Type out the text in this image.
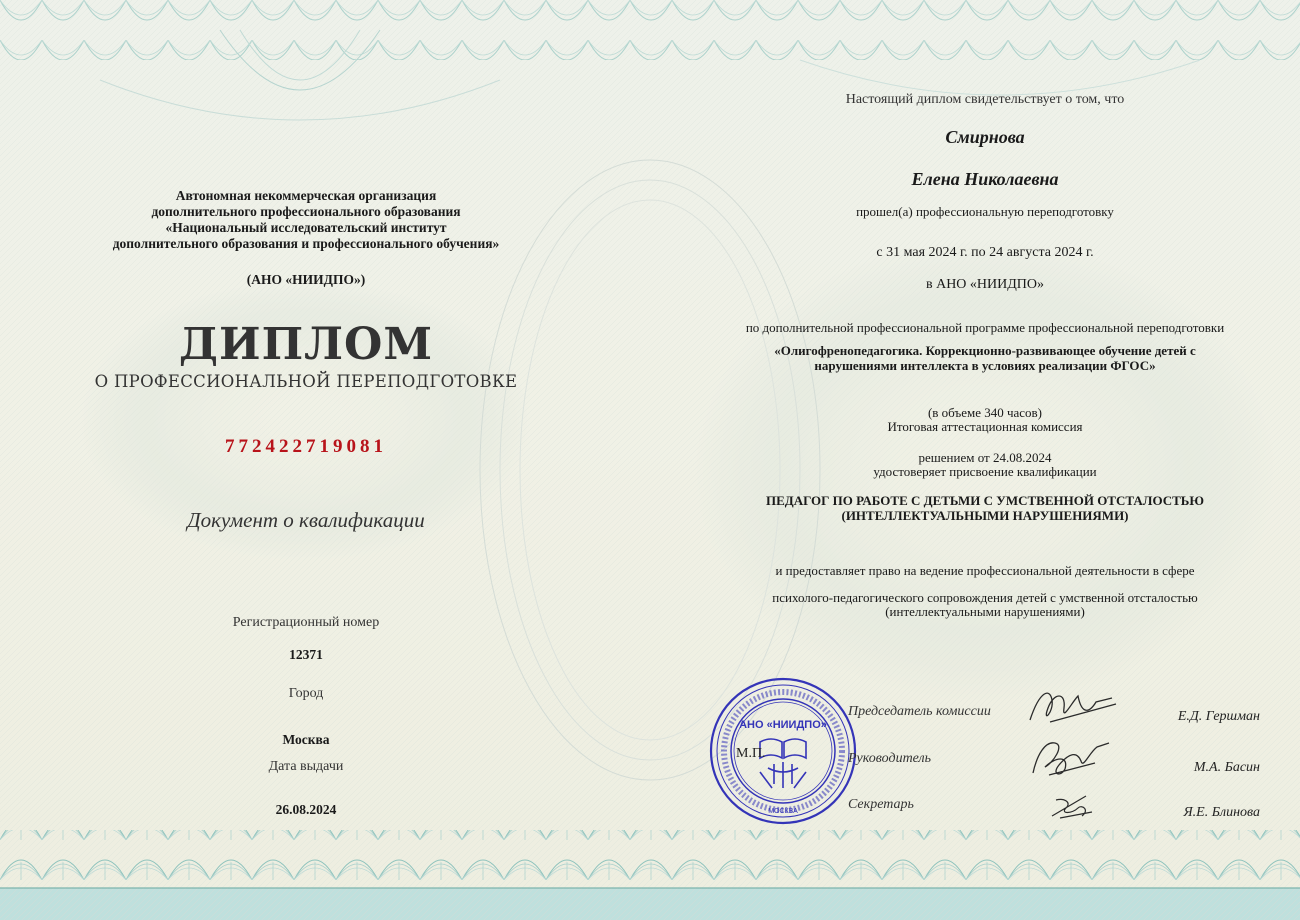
Автономная некоммерческая организация
дополнительного профессионального образования
«Национальный исследовательский институт
дополнительного образования и профессионального обучения»
(АНО «НИИДПО»)
ДИПЛОМ
О ПРОФЕССИОНАЛЬНОЙ ПЕРЕПОДГОТОВКЕ
772422719081
Документ о квалификации
Регистрационный номер
12371
Город
Москва
Дата выдачи
26.08.2024
Настоящий диплом свидетельствует о том, что
Смирнова
Елена Николаевна
прошел(а) профессиональную переподготовку
с 31 мая 2024 г. по 24 августа 2024 г.
в АНО «НИИДПО»
по дополнительной профессиональной программе профессиональной переподготовки
«Олигофренопедагогика. Коррекционно-развивающее обучение детей с
нарушениями интеллекта в условиях реализации ФГОС»
(в объеме 340 часов)
Итоговая аттестационная комиссия
решением от 24.08.2024
удостоверяет присвоение квалификации
ПЕДАГОГ ПО РАБОТЕ С ДЕТЬМИ С УМСТВЕННОЙ ОТСТАЛОСТЬЮ
(ИНТЕЛЛЕКТУАЛЬНЫМИ НАРУШЕНИЯМИ)
и предоставляет право на ведение профессиональной деятельности в сфере
психолого-педагогического сопровождения детей с умственной отсталостью
(интеллектуальными нарушениями)
АНО «НИИДПО»
МОСКВА
М.П.
Председатель комиссии	Е.Д. Гершман
Руководитель
М.А. Басин
Секретарь
Я.Е. Блинова
